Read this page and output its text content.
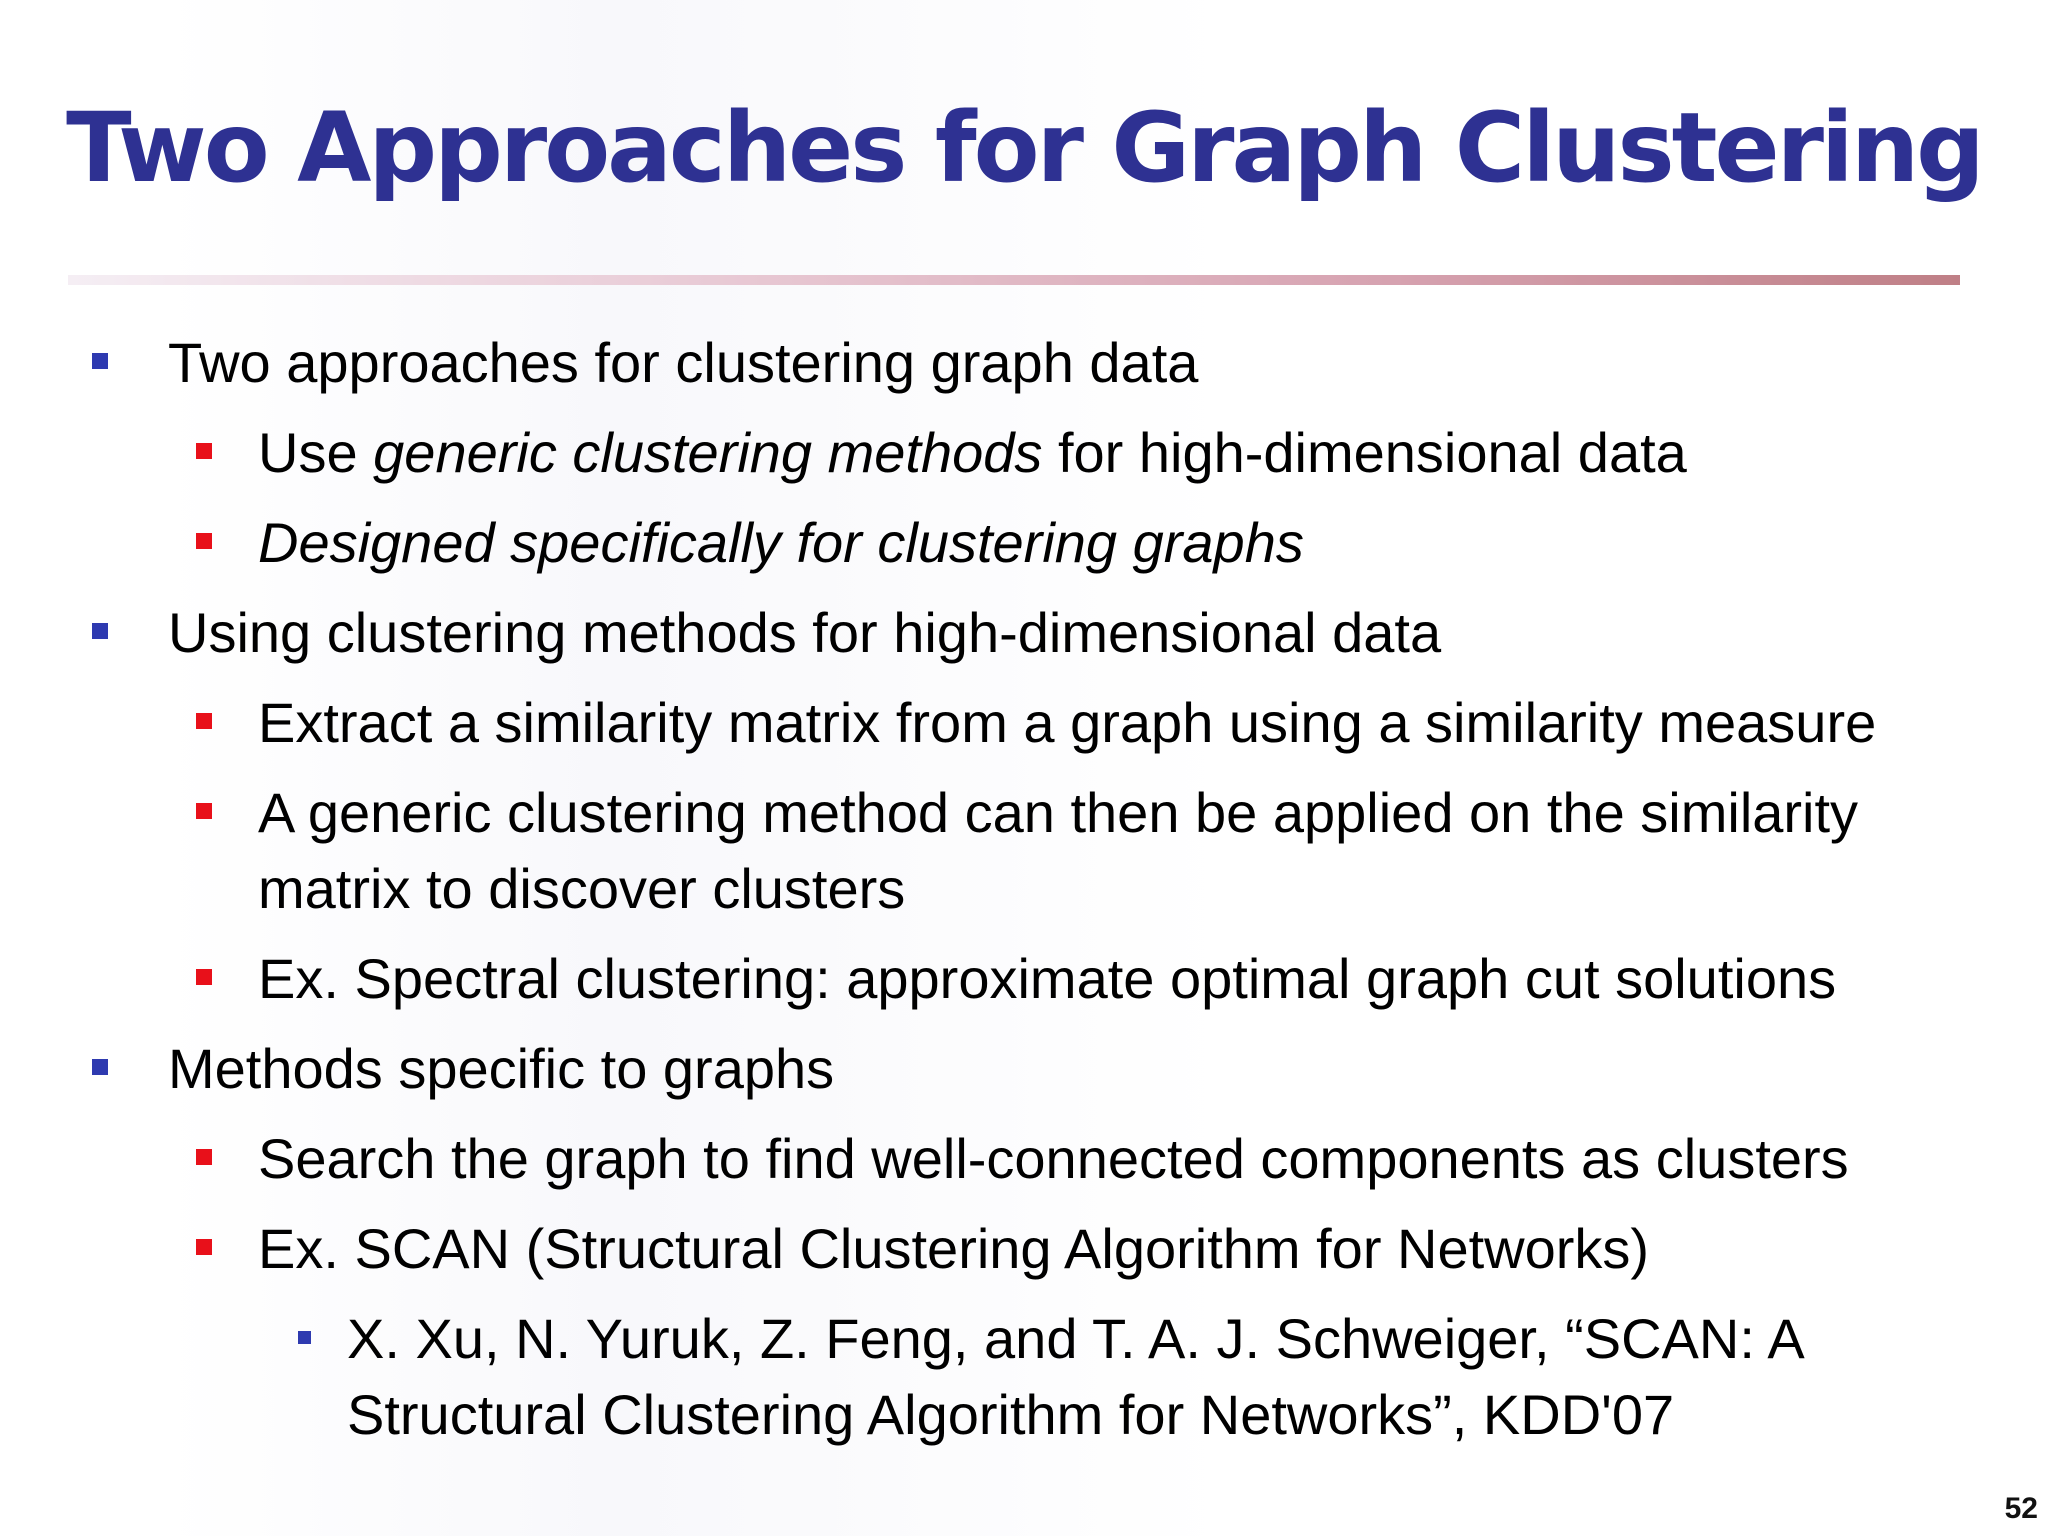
Two Approaches for Graph Clustering
Two approaches for clustering graph data
Use generic clustering methods for high-dimensional data
Designed specifically for clustering graphs
Using clustering methods for high-dimensional data
Extract a similarity matrix from a graph using a similarity measure
A generic clustering method can then be applied on the similarity
matrix to discover clusters
Ex. Spectral clustering: approximate optimal graph cut solutions
Methods specific to graphs
Search the graph to find well-connected components as clusters
Ex. SCAN (Structural Clustering Algorithm for Networks)
X. Xu, N. Yuruk, Z. Feng, and T. A. J. Schweiger, “SCAN: A
Structural Clustering Algorithm for Networks”, KDD'07
52
